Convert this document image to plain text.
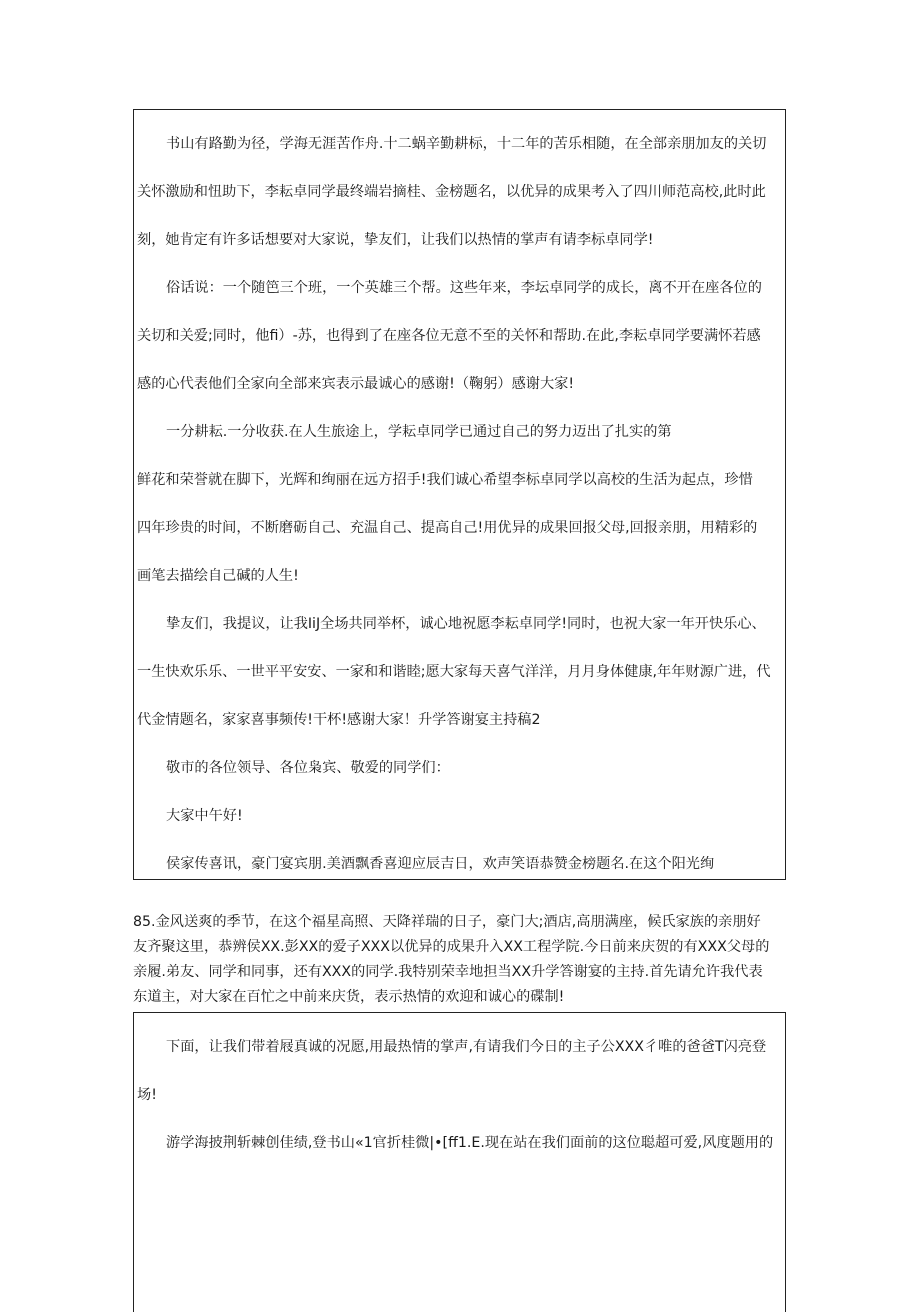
书山有路勤为径，学海无涯苦作舟.十二蜗辛勤耕标，十二年的苦乐相随，在全部亲朋加友的关切
关怀激励和忸助下，李耘卓同学最终端岩摘桂、金榜题名，以优异的成果考入了四川师范高校,此时此
刻，她肯定有许多话想要对大家说，挚友们，让我们以热情的掌声有请李标卓同学!
俗话说：一个随笆三个班，一个英雄三个帮。这些年来，李坛卓同学的成长，离不开在座各位的
关切和关爱;同时，他fi）-苏，也得到了在座各位无意不至的关怀和帮助.在此,李耘卓同学要满怀若感
感的心代表他们全家向全部来宾表示最诚心的感谢!（鞠躬）感谢大家!
一分耕耘.一分收获.在人生旅途上，学耘卓同学已通过自己的努力迈出了扎实的第
鲜花和荣誉就在脚下，光辉和绚丽在远方招手!我们诚心希望李标卓同学以高校的生活为起点，珍惜
四年珍贵的时间，不断磨砺自己、充温自己、提高自己!用优异的成果回报父母,回报亲朋，用精彩的
画笔去描绘自己碱的人生!
挚友们，我提议，让我IiJ全场共同举杯，诚心地祝愿李耘卓同学!同时，也祝大家一年开快乐心、
一生快欢乐乐、一世平平安安、一家和和谐睦;愿大家每天喜气洋洋，月月身体健康,年年财源广进，代
代金情题名，家家喜事频传!干杯!感谢大家！升学答谢宴主持稿2
敬市的各位领导、各位枭宾、敬爱的同学们：
大家中午好!
侯家传喜讯，豪门宴宾朋.美酒飘香喜迎应辰吉日，欢声笑语恭赞金榜题名.在这个阳光绚
85.金风送爽的季节，在这个福星高照、天降祥瑞的日子，豪门大;酒店,高朋满座，候氏家族的亲朋好
友齐聚这里，恭辨侯XX.彭XX的爱子XXX以优异的成果升入XX工程学院.今日前来庆贺的有XXX父母的
亲履.弟友、同学和同事，还有XXX的同学.我特别荣幸地担当XX升学答谢宴的主持.首先请允许我代表
东道主，对大家在百忙之中前来庆货，表示热情的欢迎和诚心的碟制!
下面，让我们带着屐真诚的况愿,用最热情的掌声,有请我们今日的主子公XXX彳唯的爸爸T闪亮登
场!
游学海披荆斩棘创佳绩,登书山«1官折桂微|•[ff1.E.现在站在我们面前的这位聪超可爱,风度题用的
